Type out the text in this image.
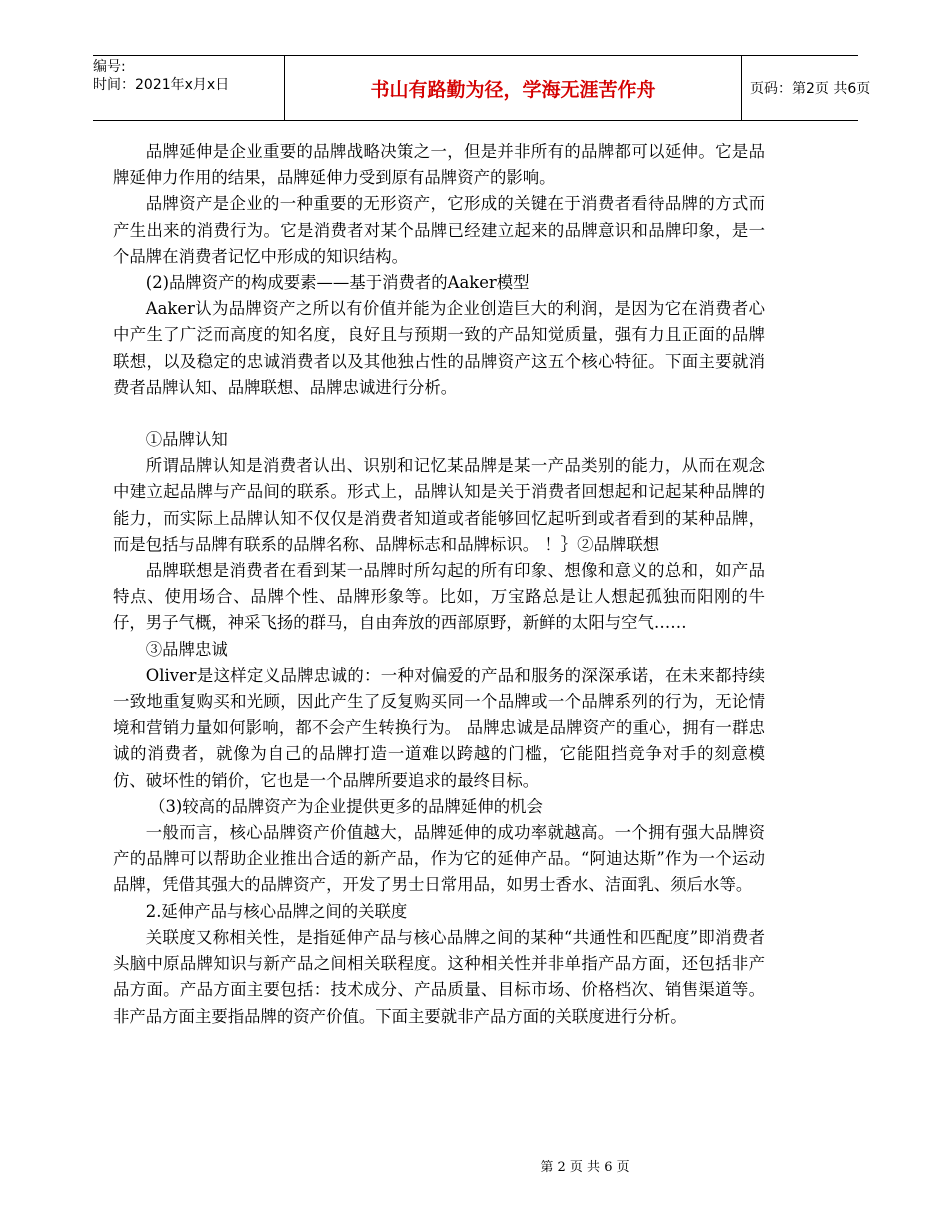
编号:
时间：2021年x月x日	书山有路勤为径，学海无涯苦作舟	页码：第2页 共6页

品牌延伸是企业重要的品牌战略决策之一，但是并非所有的品牌都可以延伸。它是品牌延伸力作用的结果，品牌延伸力受到原有品牌资产的影响。

品牌资产是企业的一种重要的无形资产，它形成的关键在于消费者看待品牌的方式而产生出来的消费行为。它是消费者对某个品牌已经建立起来的品牌意识和品牌印象，是一个品牌在消费者记忆中形成的知识结构。

(2)品牌资产的构成要素——基于消费者的Aaker模型

Aaker认为品牌资产之所以有价值并能为企业创造巨大的利润，是因为它在消费者心中产生了广泛而高度的知名度，良好且与预期一致的产品知觉质量，强有力且正面的品牌联想，以及稳定的忠诚消费者以及其他独占性的品牌资产这五个核心特征。下面主要就消费者品牌认知、品牌联想、品牌忠诚进行分析。

①品牌认知

所谓品牌认知是消费者认出、识别和记忆某品牌是某一产品类别的能力，从而在观念中建立起品牌与产品间的联系。形式上，品牌认知是关于消费者回想起和记起某种品牌的能力，而实际上品牌认知不仅仅是消费者知道或者能够回忆起听到或者看到的某种品牌，而是包括与品牌有联系的品牌名称、品牌标志和品牌标识。 ！｝②品牌联想

品牌联想是消费者在看到某一品牌时所勾起的所有印象、想像和意义的总和，如产品特点、使用场合、品牌个性、品牌形象等。比如，万宝路总是让人想起孤独而阳刚的牛仔，男子气概，神采飞扬的群马，自由奔放的西部原野，新鲜的太阳与空气……

③品牌忠诚

Oliver是这样定义品牌忠诚的：一种对偏爱的产品和服务的深深承诺，在未来都持续一致地重复购买和光顾，因此产生了反复购买同一个品牌或一个品牌系列的行为，无论情境和营销力量如何影响，都不会产生转换行为。 品牌忠诚是品牌资产的重心，拥有一群忠诚的消费者，就像为自己的品牌打造一道难以跨越的门槛，它能阻挡竞争对手的刻意模仿、破坏性的销价，它也是一个品牌所要追求的最终目标。

（3)较高的品牌资产为企业提供更多的品牌延伸的机会

一般而言，核心品牌资产价值越大，品牌延伸的成功率就越高。一个拥有强大品牌资产的品牌可以帮助企业推出合适的新产品，作为它的延伸产品。“阿迪达斯”作为一个运动品牌，凭借其强大的品牌资产，开发了男士日常用品，如男士香水、洁面乳、须后水等。

2.延伸产品与核心品牌之间的关联度

关联度又称相关性，是指延伸产品与核心品牌之间的某种“共通性和匹配度”即消费者头脑中原品牌知识与新产品之间相关联程度。这种相关性并非单指产品方面，还包括非产品方面。产品方面主要包括：技术成分、产品质量、目标市场、价格档次、销售渠道等。非产品方面主要指品牌的资产价值。下面主要就非产品方面的关联度进行分析。

第 2 页 共 6 页
